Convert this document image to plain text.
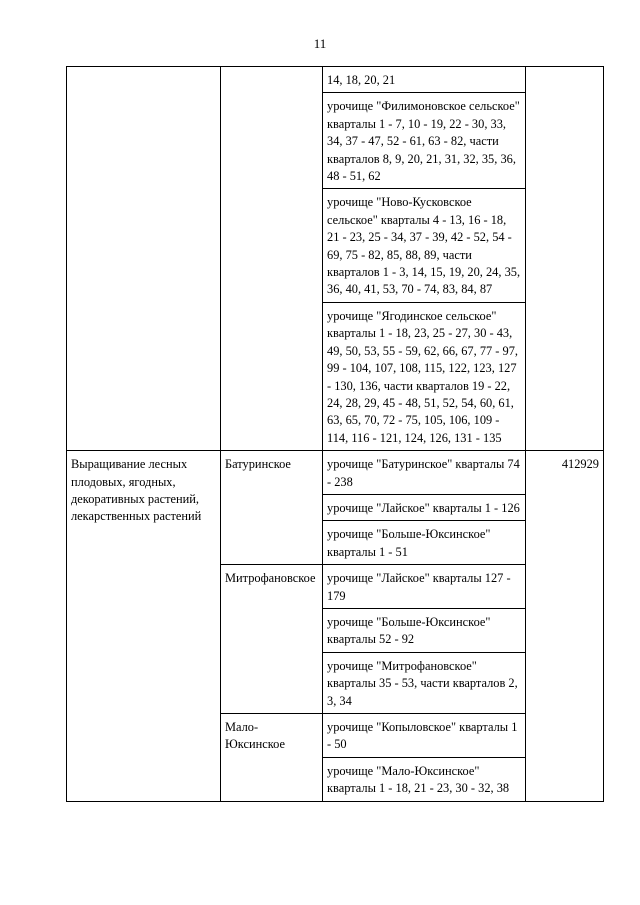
11
		14, 18, 20, 21	
		урочище "Филимоновское сельское" кварталы 1 - 7, 10 - 19, 22 - 30, 33, 34, 37 - 47, 52 - 61, 63 - 82, части кварталов 8, 9, 20, 21, 31, 32, 35, 36, 48 - 51, 62	
		урочище "Ново-Кусковское сельское" кварталы 4 - 13, 16 - 18, 21 - 23, 25 - 34, 37 - 39, 42 - 52, 54 - 69, 75 - 82, 85, 88, 89, части кварталов 1 - 3, 14, 15, 19, 20, 24, 35, 36, 40, 41, 53, 70 - 74, 83, 84, 87	
		урочище "Ягодинское сельское" кварталы 1 - 18, 23, 25 - 27, 30 - 43, 49, 50, 53, 55 - 59, 62, 66, 67, 77 - 97, 99 - 104, 107, 108, 115, 122, 123, 127 - 130, 136, части кварталов 19 - 22, 24, 28, 29, 45 - 48, 51, 52, 54, 60, 61, 63, 65, 70, 72 - 75, 105, 106, 109 - 114, 116 - 121, 124, 126, 131 - 135	
Выращивание лесных плодовых, ягодных, декоративных растений, лекарственных растений	Батуринское	урочище "Батуринское" кварталы 74 - 238	412929
		урочище "Лайское" кварталы 1 - 126	
		урочище "Больше-Юксинское" кварталы 1 - 51	
	Митрофановское	урочище "Лайское" кварталы 127 - 179	
		урочище "Больше-Юксинское" кварталы 52 - 92	
		урочище "Митрофановское" кварталы 35 - 53, части кварталов 2, 3, 34	
	Мало-Юксинское	урочище "Копыловское" кварталы 1 - 50	
		урочище "Мало-Юксинское" кварталы 1 - 18, 21 - 23, 30 - 32, 38	
